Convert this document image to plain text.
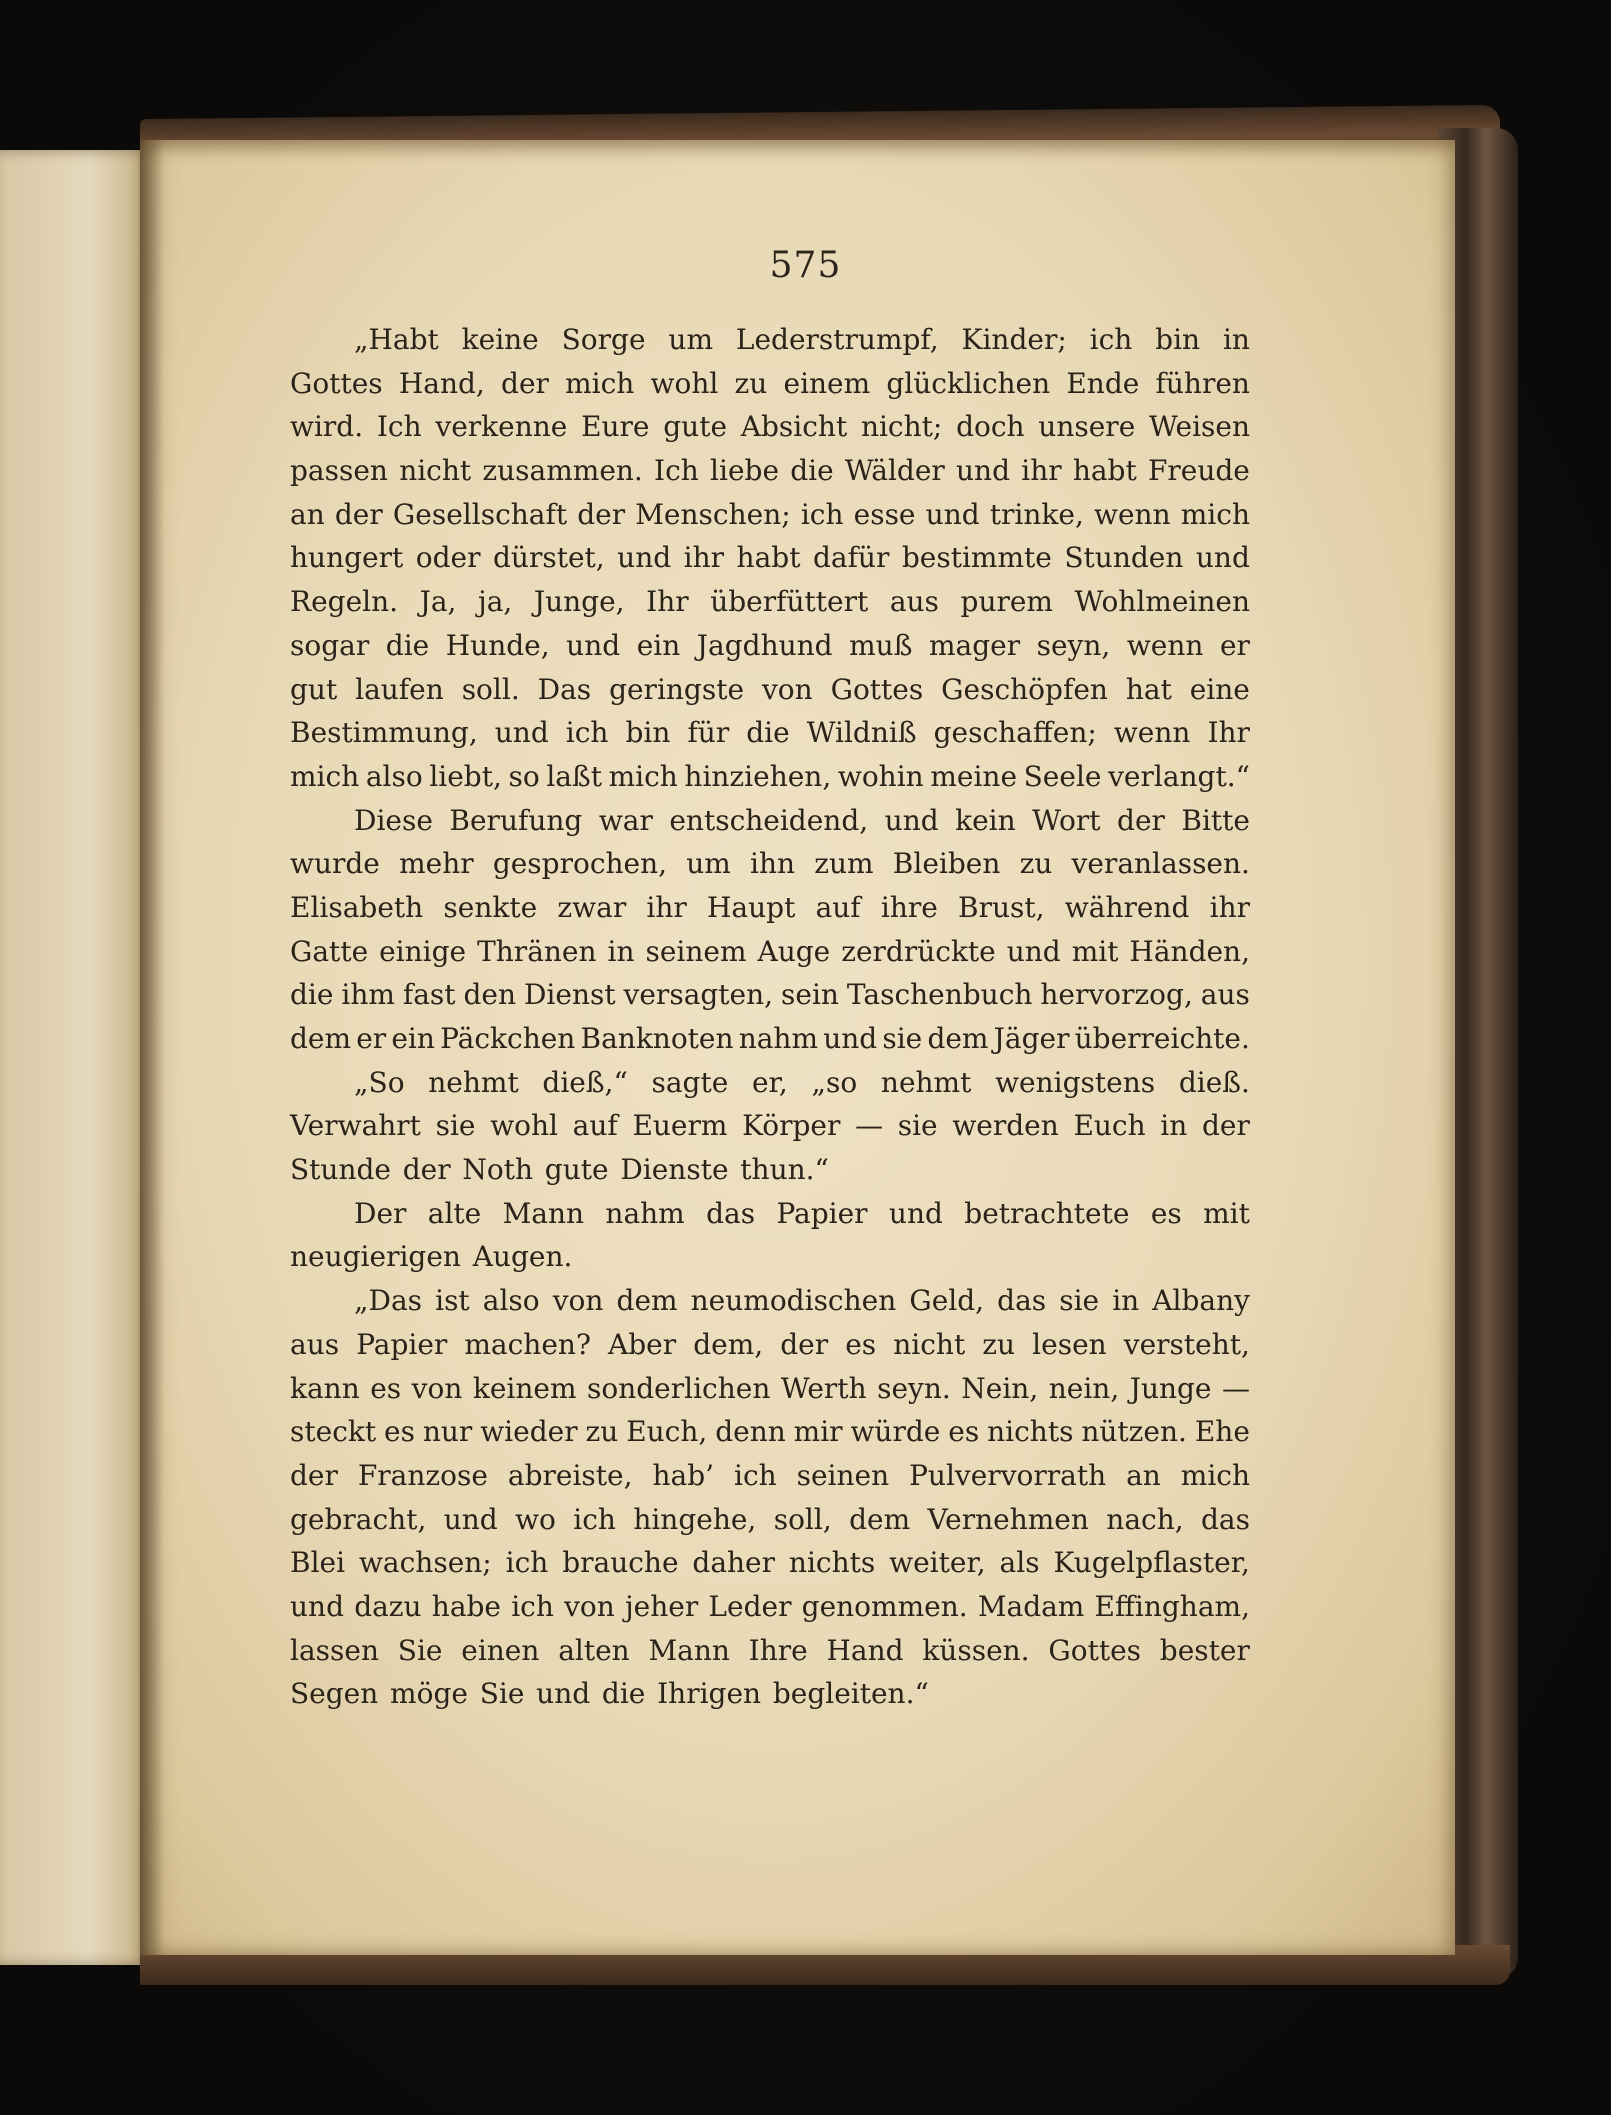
575
„Habt keine Sorge um Lederstrumpf, Kinder; ich bin in
Gottes Hand, der mich wohl zu einem glücklichen Ende führen
wird. Ich verkenne Eure gute Absicht nicht; doch unsere Weisen
passen nicht zusammen. Ich liebe die Wälder und ihr habt Freude
an der Gesellschaft der Menschen; ich esse und trinke, wenn mich
hungert oder dürstet, und ihr habt dafür bestimmte Stunden und
Regeln. Ja, ja, Junge, Ihr überfüttert aus purem Wohlmeinen
sogar die Hunde, und ein Jagdhund muß mager seyn, wenn er
gut laufen soll. Das geringste von Gottes Geschöpfen hat eine
Bestimmung, und ich bin für die Wildniß geschaffen; wenn Ihr
mich also liebt, so laßt mich hinziehen, wohin meine Seele verlangt.“
Diese Berufung war entscheidend, und kein Wort der Bitte
wurde mehr gesprochen, um ihn zum Bleiben zu veranlassen.
Elisabeth senkte zwar ihr Haupt auf ihre Brust, während ihr
Gatte einige Thränen in seinem Auge zerdrückte und mit Händen,
die ihm fast den Dienst versagten, sein Taschenbuch hervorzog, aus
dem er ein Päckchen Banknoten nahm und sie dem Jäger überreichte.
„So nehmt dieß,“ sagte er, „so nehmt wenigstens dieß.
Verwahrt sie wohl auf Euerm Körper — sie werden Euch in der
Stunde der Noth gute Dienste thun.“
Der alte Mann nahm das Papier und betrachtete es mit
neugierigen Augen.
„Das ist also von dem neumodischen Geld, das sie in Albany
aus Papier machen? Aber dem, der es nicht zu lesen versteht,
kann es von keinem sonderlichen Werth seyn. Nein, nein, Junge —
steckt es nur wieder zu Euch, denn mir würde es nichts nützen. Ehe
der Franzose abreiste, hab’ ich seinen Pulvervorrath an mich
gebracht, und wo ich hingehe, soll, dem Vernehmen nach, das
Blei wachsen; ich brauche daher nichts weiter, als Kugelpflaster,
und dazu habe ich von jeher Leder genommen. Madam Effingham,
lassen Sie einen alten Mann Ihre Hand küssen. Gottes bester
Segen möge Sie und die Ihrigen begleiten.“
